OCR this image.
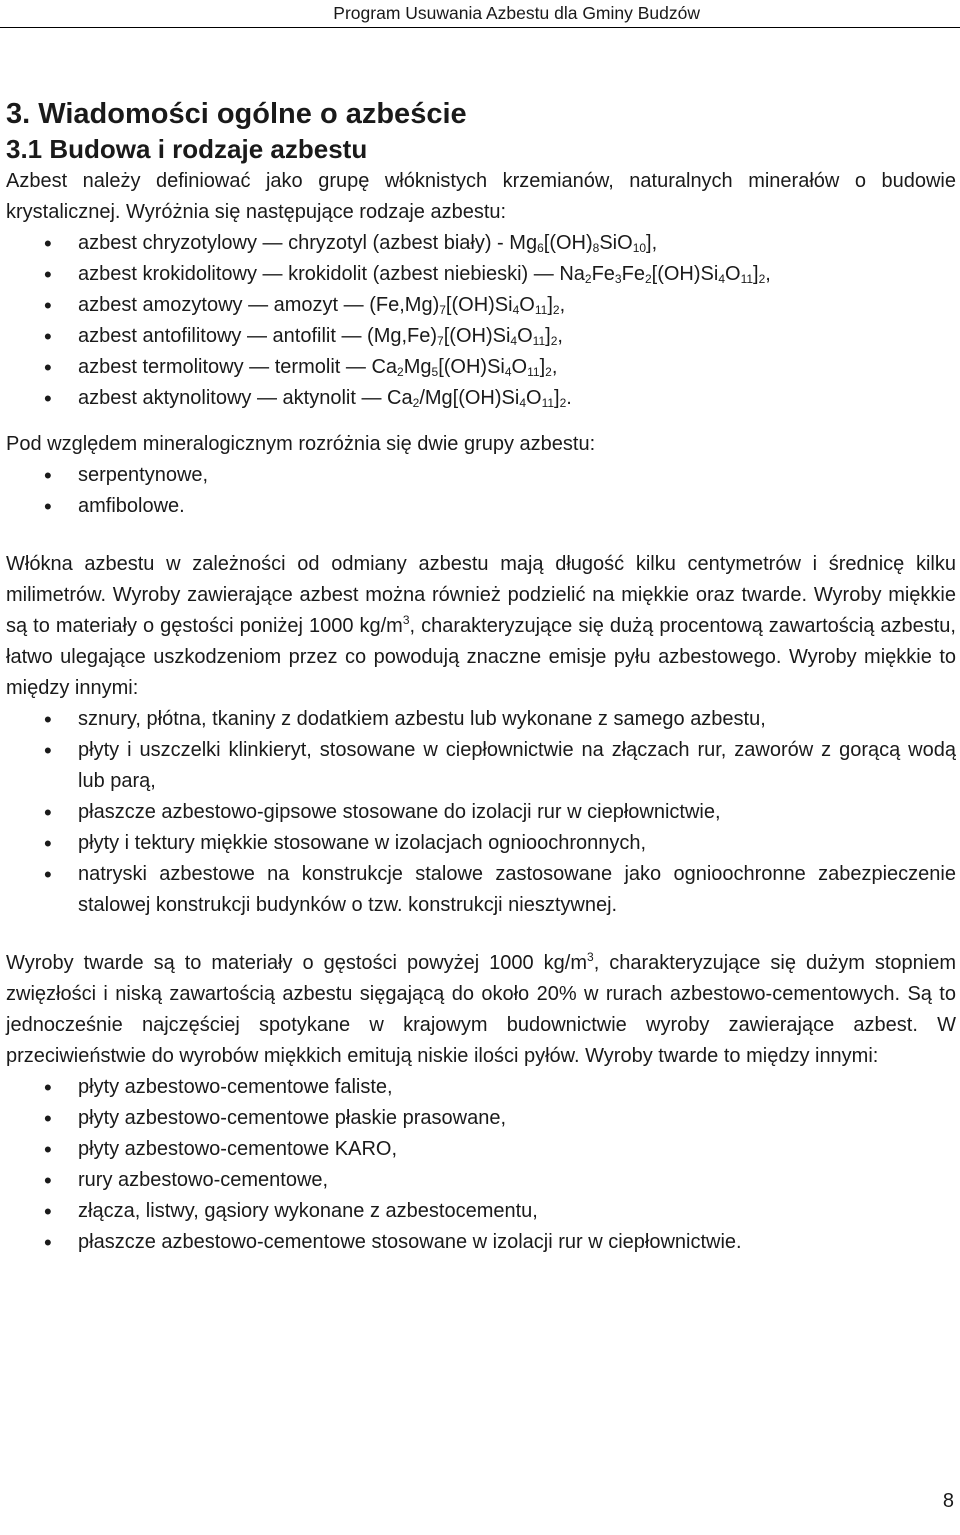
Program Usuwania Azbestu dla Gminy Budzów
3. Wiadomości ogólne o azbeście
3.1 Budowa i rodzaje azbestu

Azbest należy definiować jako grupę włóknistych krzemianów, naturalnych minerałów o budowie krystalicznej. Wyróżnia się następujące rodzaje azbestu:

• azbest chryzotylowy — chryzotyl (azbest biały) - $Mg_6[(OH)_8SiO_{10}]$,
• azbest krokidolitowy — krokidolit (azbest niebieski) — $Na_2Fe_3Fe_2[(OH)Si_4O_{11}]_2$,
• azbest amozytowy — amozyt — $(Fe,Mg)_7[(OH)Si_4O_{11}]_2$,
• azbest antofilitowy — antofilit — $(Mg,Fe)_7[(OH)Si_4O_{11}]_2$,
• azbest termolitowy — termolit — $Ca_2Mg_5[(OH)Si_4O_{11}]_2$,
• azbest aktynolitowy — aktynolit — $Ca_2/Mg[(OH)Si_4O_{11}]_2$.

Pod względem mineralogicznym rozróżnia się dwie grupy azbestu:

• serpentynowe,
• amfibolowe.

Włókna azbestu w zależności od odmiany azbestu mają długość kilku centymetrów i średnicę kilku milimetrów. Wyroby zawierające azbest można również podzielić na miękkie oraz twarde. Wyroby miękkie są to materiały o gęstości poniżej 1000 $kg/m^3$, charakteryzujące się dużą procentową zawartością azbestu, łatwo ulegające uszkodzeniom przez co powodują znaczne emisje pyłu azbestowego. Wyroby miękkie to między innymi:

• sznury, płótna, tkaniny z dodatkiem azbestu lub wykonane z samego azbestu,
• płyty i uszczelki klinkieryt, stosowane w ciepłownictwie na złączach rur, zaworów z gorącą wodą lub parą,
• płaszcze azbestowo-gipsowe stosowane do izolacji rur w ciepłownictwie,
• płyty i tektury miękkie stosowane w izolacjach ognioochronnych,
• natryski azbestowe na konstrukcje stalowe zastosowane jako ognioochronne zabezpieczenie stalowej konstrukcji budynków o tzw. konstrukcji niesztywnej.

Wyroby twarde są to materiały o gęstości powyżej 1000 $kg/m^3$, charakteryzujące się dużym stopniem zwięzłości i niską zawartością azbestu sięgającą do około 20% w rurach azbestowo-cementowych. Są to jednocześnie najczęściej spotykane w krajowym budownictwie wyroby zawierające azbest. W przeciwieństwie do wyrobów miękkich emitują niskie ilości pyłów. Wyroby twarde to między innymi:

• płyty azbestowo-cementowe faliste,
• płyty azbestowo-cementowe płaskie prasowane,
• płyty azbestowo-cementowe KARO,
• rury azbestowo-cementowe,
• złącza, listwy, gąsiory wykonane z azbestocementu,
• płaszcze azbestowo-cementowe stosowane w izolacji rur w ciepłownictwie.
8
